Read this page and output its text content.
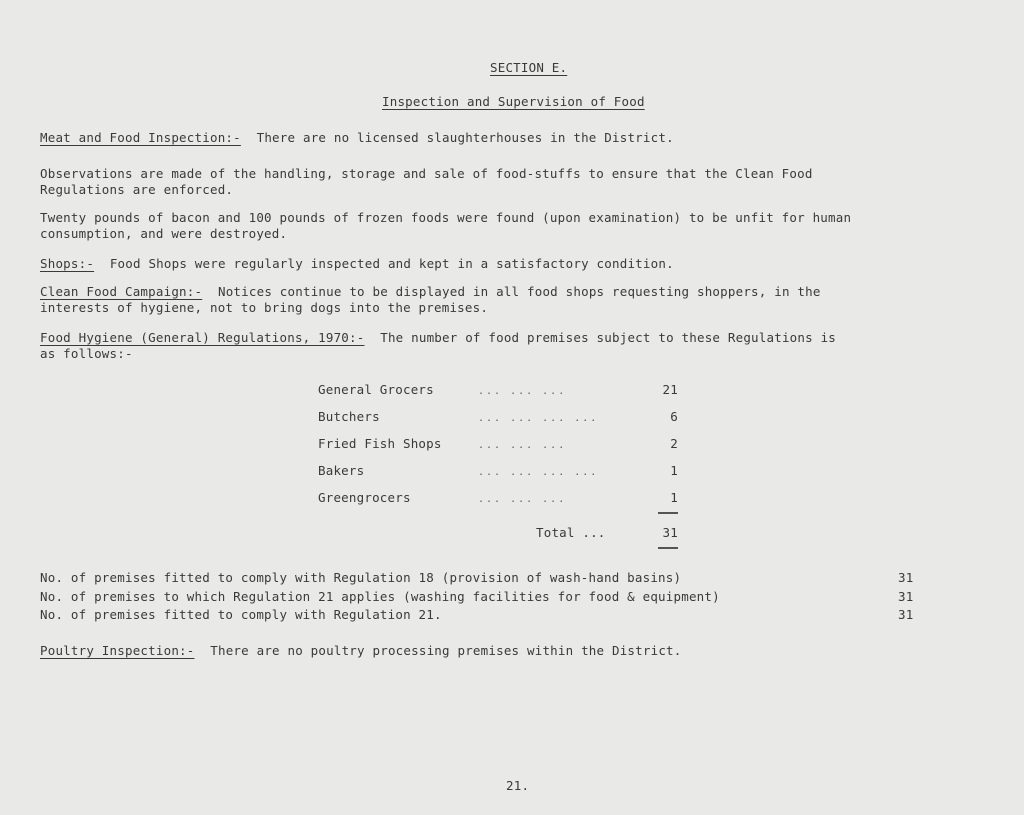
SECTION E.
Inspection and Supervision of Food
Meat and Food Inspection:- There are no licensed slaughterhouses in the District.
Observations are made of the handling, storage and sale of food-stuffs to ensure that the Clean Food
Regulations are enforced.
Twenty pounds of bacon and 100 pounds of frozen foods were found (upon examination) to be unfit for human
consumption, and were destroyed.
Shops:- Food Shops were regularly inspected and kept in a satisfactory condition.
Clean Food Campaign:- Notices continue to be displayed in all food shops requesting shoppers, in the
interests of hygiene, not to bring dogs into the premises.
Food Hygiene (General) Regulations, 1970:- The number of food premises subject to these Regulations is
as follows:-
General Grocers	... ... ...	21
Butchers	... ... ... ...	6
Fried Fish Shops	... ... ...	2
Bakers	... ... ... ...	1
Greengrocers	... ... ...	1
Total ...	31
No. of premises fitted to comply with Regulation 18 (provision of wash-hand basins)	31
No. of premises to which Regulation 21 applies (washing facilities for food & equipment)	31
No. of premises fitted to comply with Regulation 21.	31
Poultry Inspection:- There are no poultry processing premises within the District.
21.
